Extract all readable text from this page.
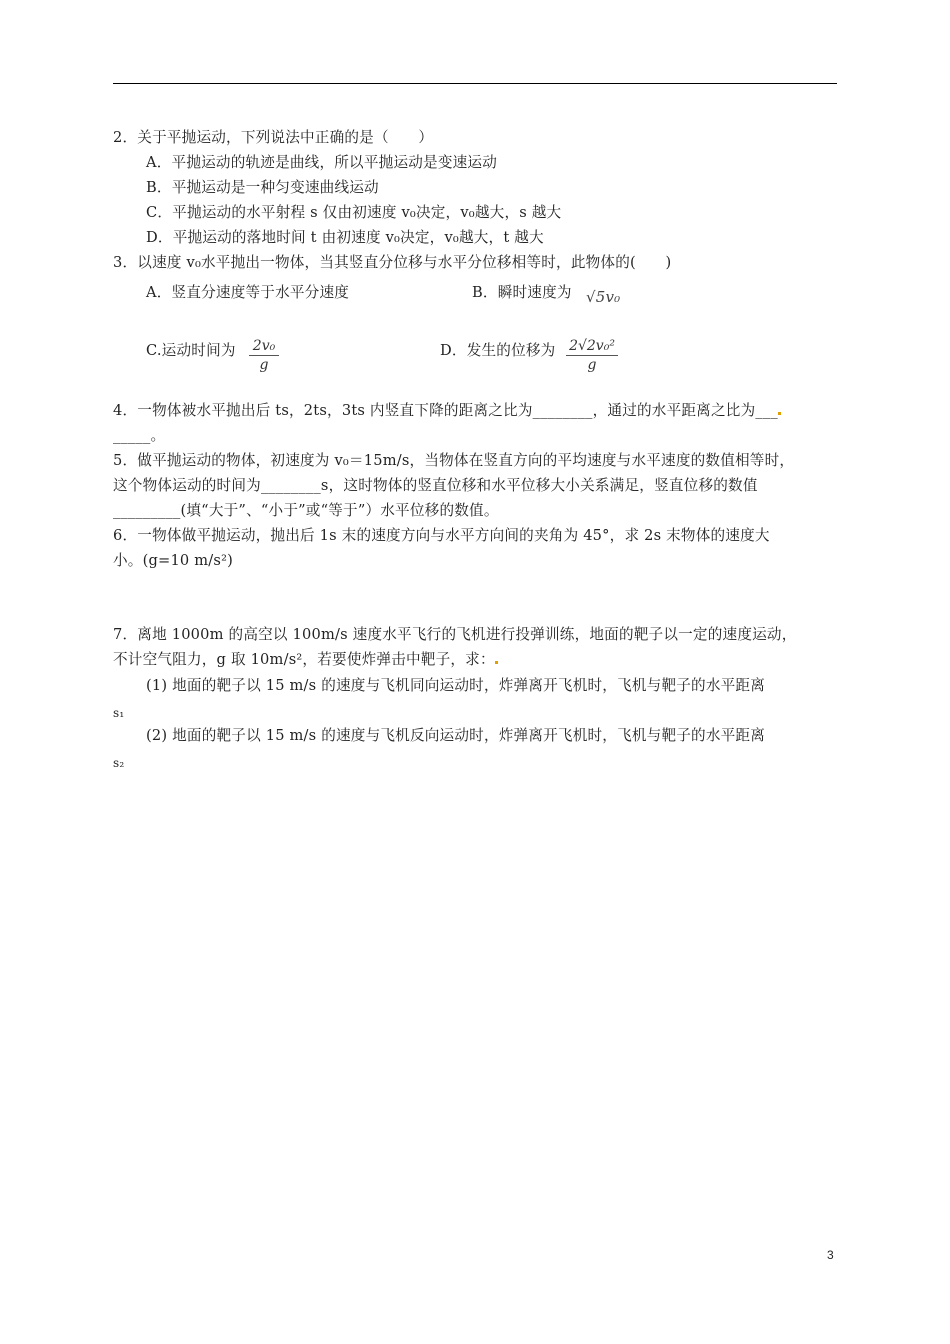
2．关于平抛运动，下列说法中正确的是（　　）
A．平抛运动的轨迹是曲线，所以平抛运动是变速运动
B．平抛运动是一种匀变速曲线运动
C．平抛运动的水平射程 s 仅由初速度 v₀决定，v₀越大，s 越大
D．平抛运动的落地时间 t 由初速度 v₀决定，v₀越大，t 越大
3．以速度 v₀水平抛出一物体，当其竖直分位移与水平分位移相等时，此物体的(　　)
A．竖直分速度等于水平分速度	B．瞬时速度为 √5v₀
C.运动时间为 2v₀
g
D．发生的位移为 2√2v₀²
g
4．一物体被水平抛出后 ts，2ts，3ts 内竖直下降的距离之比为________，通过的水平距离之比为___
_____。
5．做平抛运动的物体，初速度为 v₀＝15m/s，当物体在竖直方向的平均速度与水平速度的数值相等时，
这个物体运动的时间为________s，这时物体的竖直位移和水平位移大小关系满足，竖直位移的数值
_________(填“大于”、“小于”或“等于”）水平位移的数值。
6．一物体做平抛运动，抛出后 1s 末的速度方向与水平方向间的夹角为 45°，求 2s 末物体的速度大
小。(g=10 m/s²)
7．离地 1000m 的高空以 100m/s 速度水平飞行的飞机进行投弹训练，地面的靶子以一定的速度运动，
不计空气阻力，g 取 10m/s²，若要使炸弹击中靶子，求：
(1) 地面的靶子以 15 m/s 的速度与飞机同向运动时，炸弹离开飞机时，飞机与靶子的水平距离
s₁
(2) 地面的靶子以 15 m/s 的速度与飞机反向运动时，炸弹离开飞机时，飞机与靶子的水平距离
s₂
3
